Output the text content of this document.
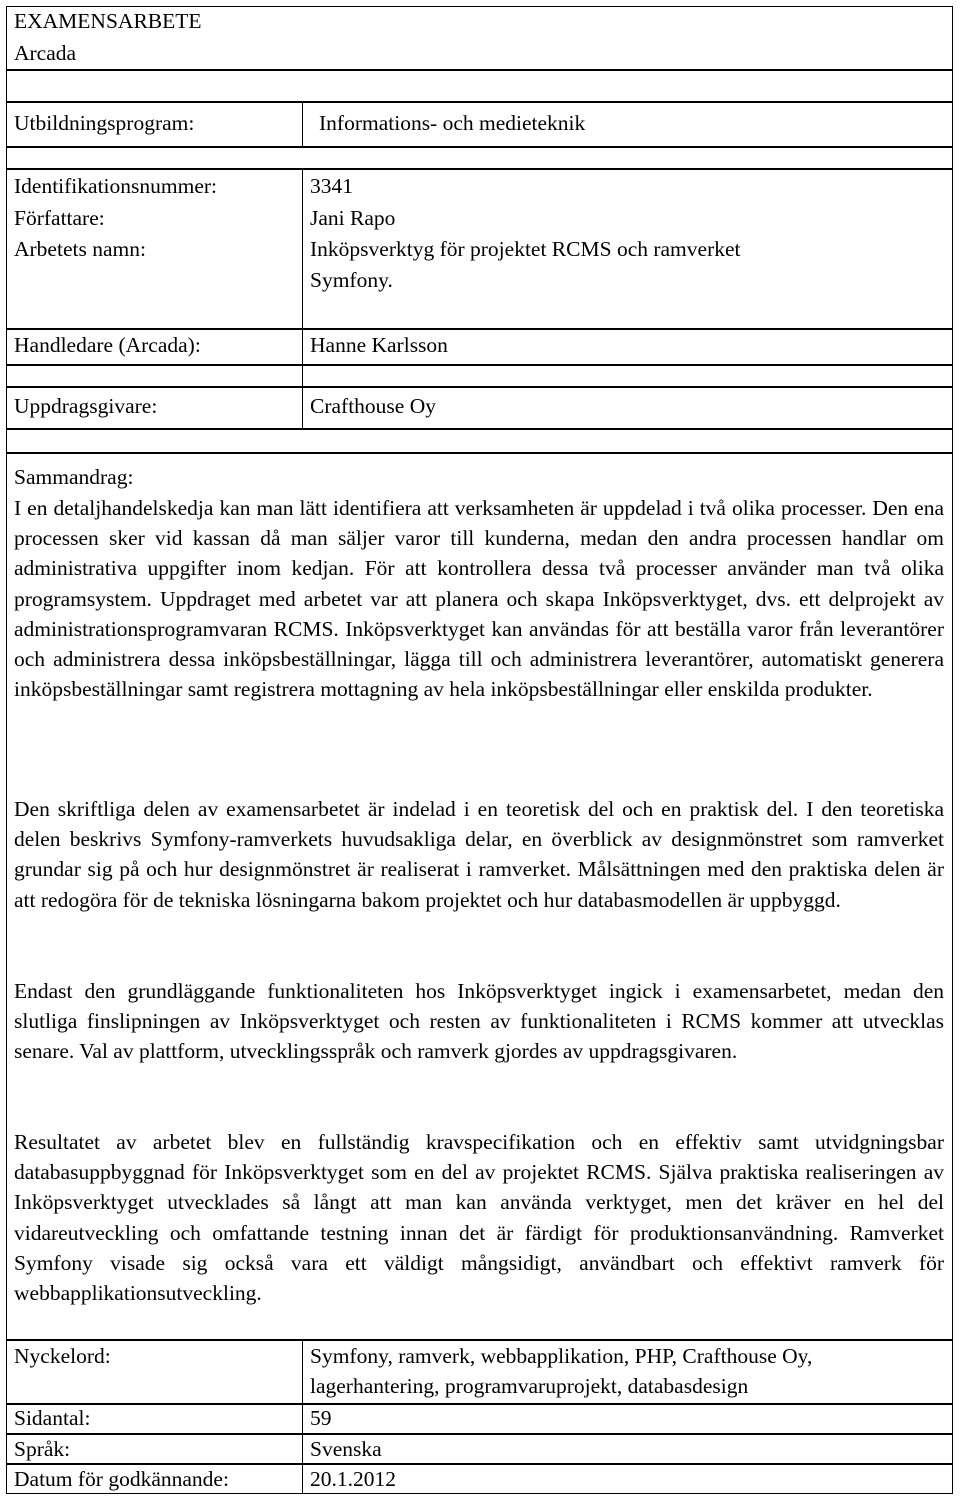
EXAMENSARBETE
Arcada
Utbildningsprogram:	Informations- och medieteknik
Identifikationsnummer:	3341
Författare:	Jani Rapo
Arbetets namn:	Inköpsverktyg för projektet RCMS och ramverket
Symfony.
Handledare (Arcada):	Hanne Karlsson
Uppdragsgivare:	Crafthouse Oy
Sammandrag:

I en detaljhandelskedja kan man lätt identifiera att verksamheten är uppdelad i två olika processer. Den ena processen sker vid kassan då man säljer varor till kunderna, medan den andra processen handlar om administrativa uppgifter inom kedjan. För att kontrollera dessa två processer använder man två olika programsystem. Uppdraget med arbetet var att planera och skapa Inköpsverktyget, dvs. ett delprojekt av administrationsprogramvaran RCMS. Inköpsverktyget kan användas för att beställa varor från leverantörer och administrera dessa inköpsbeställningar, lägga till och administrera leverantörer, automatiskt generera inköpsbeställningar samt registrera mottagning av hela inköpsbeställningar eller enskilda produkter.

Den skriftliga delen av examensarbetet är indelad i en teoretisk del och en praktisk del. I den teoretiska delen beskrivs Symfony-ramverkets huvudsakliga delar, en överblick av designmönstret som ramverket grundar sig på och hur designmönstret är realiserat i ramverket. Målsättningen med den praktiska delen är att redogöra för de tekniska lösningarna bakom projektet och hur databasmodellen är uppbyggd.

Endast den grundläggande funktionaliteten hos Inköpsverktyget ingick i examensarbetet, medan den slutliga finslipningen av Inköpsverktyget och resten av funktionaliteten i RCMS kommer att utvecklas senare. Val av plattform, utvecklingsspråk och ramverk gjordes av uppdragsgivaren.

Resultatet av arbetet blev en fullständig kravspecifikation och en effektiv samt utvidgningsbar databasuppbyggnad för Inköpsverktyget som en del av projektet RCMS. Själva praktiska realiseringen av Inköpsverktyget utvecklades så långt att man kan använda verktyget, men det kräver en hel del vidareutveckling och omfattande testning innan det är färdigt för produktionsanvändning. Ramverket Symfony visade sig också vara ett väldigt mångsidigt, användbart och effektivt ramverk för webbapplikationsutveckling.

Nyckelord:	Symfony, ramverk, webbapplikation, PHP, Crafthouse Oy,
lagerhantering, programvaruprojekt, databasdesign
Sidantal:	59
Språk:	Svenska
Datum för godkännande:	20.1.2012
